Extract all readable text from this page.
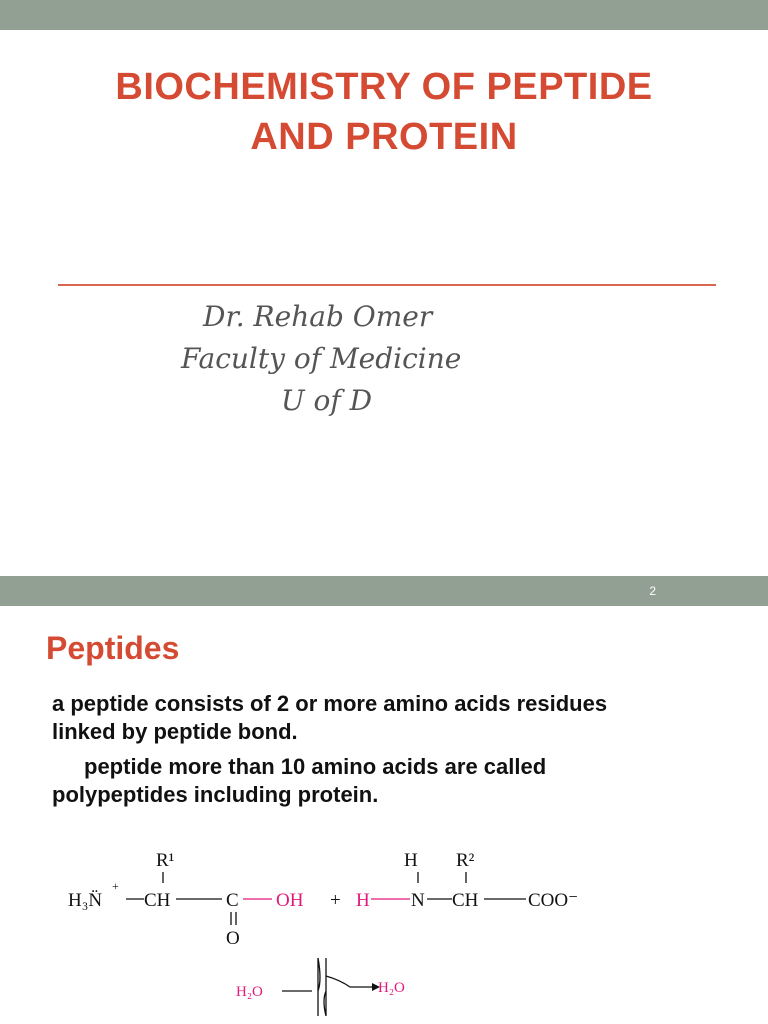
BIOCHEMISTRY OF PEPTIDE
AND PROTEIN
Dr. Rehab Omer
Faculty of Medicine
U of D
2
Peptides
a peptide consists of 2 or more amino acids residues
linked by peptide bond.
peptide more than 10 amino acids are called
polypeptides including protein.
R¹	H R²
H₃N̈
+
CH	C OH + H N CH	COO⁻
O
H₂O	H₂O
